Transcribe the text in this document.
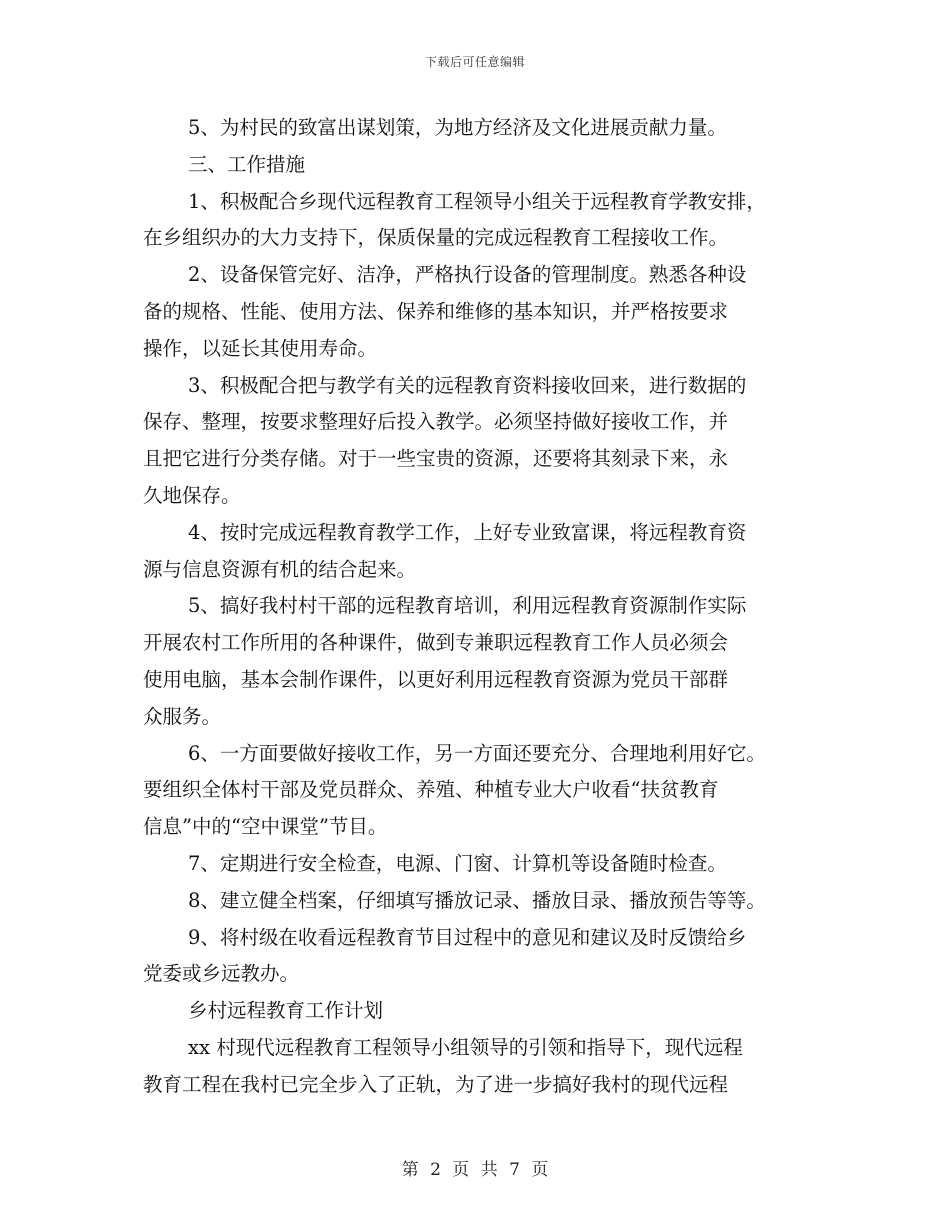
下载后可任意编辑
5、为村民的致富出谋划策，为地方经济及文化进展贡献力量。
三、工作措施
1、积极配合乡现代远程教育工程领导小组关于远程教育学教安排，
在乡组织办的大力支持下，保质保量的完成远程教育工程接收工作。
2、设备保管完好、洁净，严格执行设备的管理制度。熟悉各种设
备的规格、性能、使用方法、保养和维修的基本知识，并严格按要求
操作，以延长其使用寿命。
3、积极配合把与教学有关的远程教育资料接收回来，进行数据的
保存、整理，按要求整理好后投入教学。必须坚持做好接收工作，并
且把它进行分类存储。对于一些宝贵的资源，还要将其刻录下来，永
久地保存。
4、按时完成远程教育教学工作，上好专业致富课，将远程教育资
源与信息资源有机的结合起来。
5、搞好我村村干部的远程教育培训，利用远程教育资源制作实际
开展农村工作所用的各种课件，做到专兼职远程教育工作人员必须会
使用电脑，基本会制作课件，以更好利用远程教育资源为党员干部群
众服务。
6、一方面要做好接收工作，另一方面还要充分、合理地利用好它。
要组织全体村干部及党员群众、养殖、种植专业大户收看“扶贫教育
信息”中的“空中课堂”节目。
7、定期进行安全检查，电源、门窗、计算机等设备随时检查。
8、建立健全档案，仔细填写播放记录、播放目录、播放预告等等。
9、将村级在收看远程教育节目过程中的意见和建议及时反馈给乡
党委或乡远教办。
乡村远程教育工作计划
xx 村现代远程教育工程领导小组领导的引领和指导下，现代远程
教育工程在我村已完全步入了正轨，为了进一步搞好我村的现代远程
第 2 页 共 7 页
